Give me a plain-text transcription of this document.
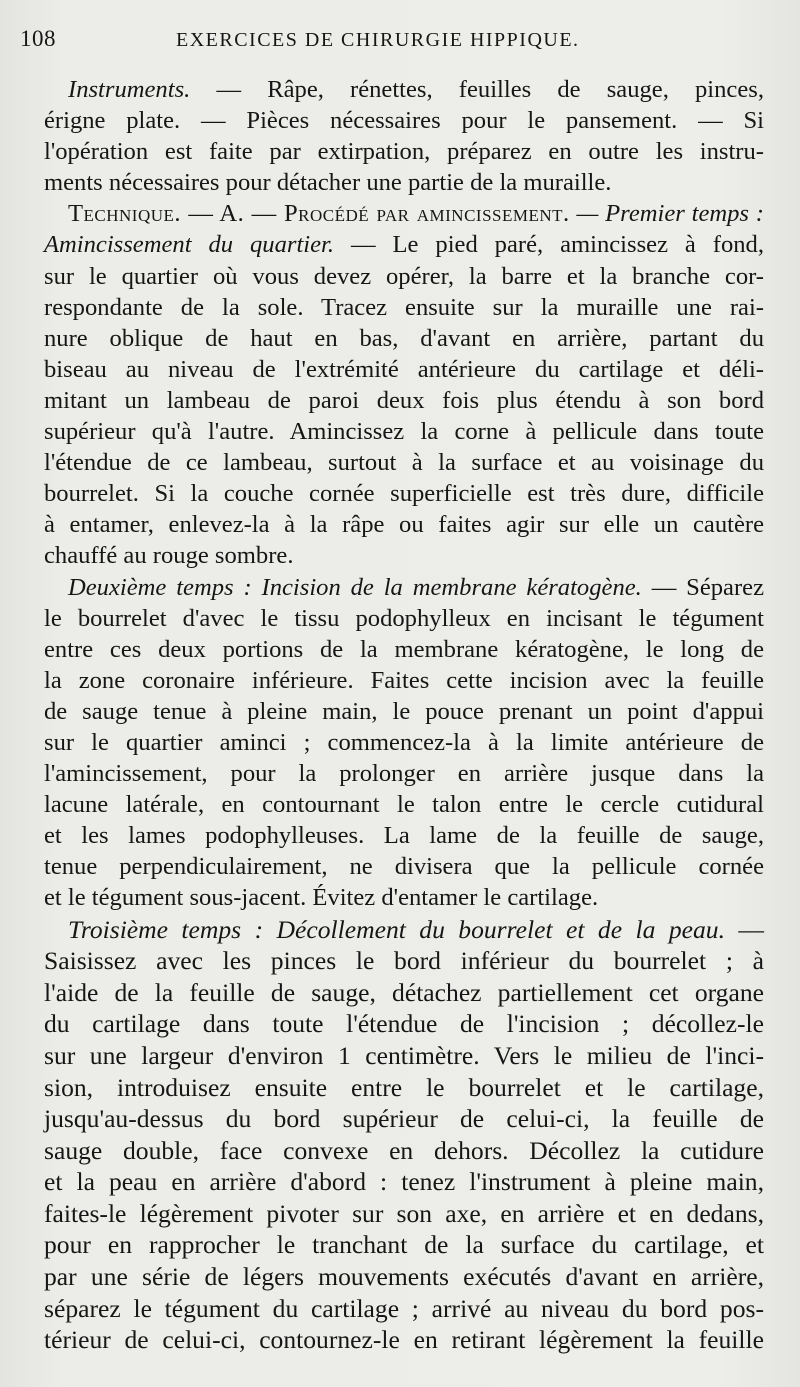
108	EXERCICES DE CHIRURGIE HIPPIQUE.
Instruments. — Râpe, rénettes, feuilles de sauge, pinces,
érigne plate. — Pièces nécessaires pour le pansement. — Si
l'opération est faite par extirpation, préparez en outre les instru-
ments nécessaires pour détacher une partie de la muraille.
Technique. — A. — Procédé par amincissement. — Premier temps :
Amincissement du quartier. — Le pied paré, amincissez à fond,
sur le quartier où vous devez opérer, la barre et la branche cor-
respondante de la sole. Tracez ensuite sur la muraille une rai-
nure oblique de haut en bas, d'avant en arrière, partant du
biseau au niveau de l'extrémité antérieure du cartilage et déli-
mitant un lambeau de paroi deux fois plus étendu à son bord
supérieur qu'à l'autre. Amincissez la corne à pellicule dans toute
l'étendue de ce lambeau, surtout à la surface et au voisinage du
bourrelet. Si la couche cornée superficielle est très dure, difficile
à entamer, enlevez-la à la râpe ou faites agir sur elle un cautère
chauffé au rouge sombre.
Deuxième temps : Incision de la membrane kératogène. — Séparez
le bourrelet d'avec le tissu podophylleux en incisant le tégument
entre ces deux portions de la membrane kératogène, le long de
la zone coronaire inférieure. Faites cette incision avec la feuille
de sauge tenue à pleine main, le pouce prenant un point d'appui
sur le quartier aminci ; commencez-la à la limite antérieure de
l'amincissement, pour la prolonger en arrière jusque dans la
lacune latérale, en contournant le talon entre le cercle cutidural
et les lames podophylleuses. La lame de la feuille de sauge,
tenue perpendiculairement, ne divisera que la pellicule cornée
et le tégument sous-jacent. Évitez d'entamer le cartilage.
Troisième temps : Décollement du bourrelet et de la peau. —
Saisissez avec les pinces le bord inférieur du bourrelet ; à
l'aide de la feuille de sauge, détachez partiellement cet organe
du cartilage dans toute l'étendue de l'incision ; décollez-le
sur une largeur d'environ 1 centimètre. Vers le milieu de l'inci-
sion, introduisez ensuite entre le bourrelet et le cartilage,
jusqu'au-dessus du bord supérieur de celui-ci, la feuille de
sauge double, face convexe en dehors. Décollez la cutidure
et la peau en arrière d'abord : tenez l'instrument à pleine main,
faites-le légèrement pivoter sur son axe, en arrière et en dedans,
pour en rapprocher le tranchant de la surface du cartilage, et
par une série de légers mouvements exécutés d'avant en arrière,
séparez le tégument du cartilage ; arrivé au niveau du bord pos-
térieur de celui-ci, contournez-le en retirant légèrement la feuille
